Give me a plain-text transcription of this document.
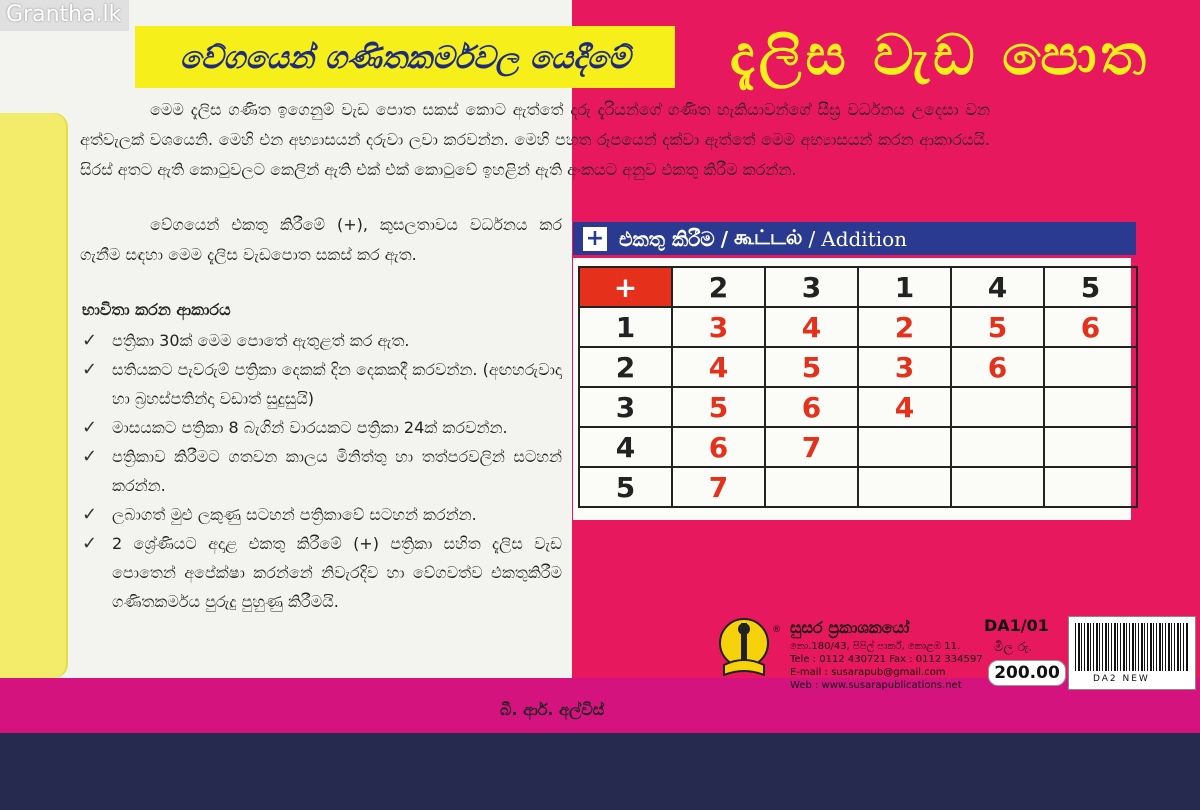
Grantha.lk
වේගයෙන් ගණිතකර්මවල යෙදීමේ	දැලිස වැඩ පොත

මෙම දැලිස ගණිත ඉගෙනුම් වැඩ පොත සකස් කොට ඇත්තේ දරු දැරියන්ගේ ගණිත හැකියාවන්ගේ සීඝ්‍ර වර්ධනය උදෙසා වන අත්වැලක් වශයෙනි. මෙහි එන අභ්‍යාසයන් දරුවා ලවා කරවන්න. මෙහි පහත රූපයෙන් දක්වා ඇත්තේ මෙම අභ්‍යාසයන් කරන ආකාරයයි. සිරස් අතට ඇති කොටුවලට කෙලින් ඇති එක් එක් කොටුවේ ඉහළින් ඇති අංකයට අනුව එකතු කිරීම කරන්න.

වේගයෙන් එකතු කිරීමේ (+), කුසලතාවය වර්ධනය කර ගැනීම සඳහා මෙම දැලිස වැඩපොත සකස් කර ඇත.

භාවිතා කරන ආකාරය
✓ පත්‍රිකා 30ක් මෙම පොතේ ඇතුළත් කර ඇත.
✓ සතියකට පැවරුම් පත්‍රිකා දෙකක් දින දෙකකදී කරවන්න. (අඟහරුවාදා හා බ්‍රහස්පතින්දා වඩාත් සුදුසුයි)
✓ මාසයකට පත්‍රිකා 8 බැගින් වාරයකට පත්‍රිකා 24ක් කරවන්න.
✓ පත්‍රිකාව කිරීමට ගතවන කාලය මිනිත්තු හා තත්පරවලින් සටහන් කරන්න.
✓ ලබාගත් මුළු ලකුණු සටහන් පත්‍රිකාවේ සටහන් කරන්න.
✓ 2 ශ්‍රේණියට අදාළ එකතු කිරීමේ (+) පත්‍රිකා සහිත දැලිස වැඩ පොතෙන් අපේක්ෂා කරන්නේ නිවැරදිව හා වේගවත්ව එකතුකිරීම ගණිතකර්මය පුරුදු පුහුණු කිරීමයි.
බී. ආර්. අල්විස්
+ එකතු කිරීම / கூட்டல் / Addition
+	2	3	1	4	5
1	3	4	2	5	6
2	4	5	3	6	
3	5	6	4		
4	6	7			
5	7				
® සුසර ප්‍රකාශකයෝ
නො.180/43, පිපිල් පාර්ක්, කොළඹ 11.
Tele : 0112 430721 Fax : 0112 334597
E-mail : susarapub@gmail.com
Web : www.susarapublications.net
DA1/01
මිල රු.
200.00	DA2 NEW
